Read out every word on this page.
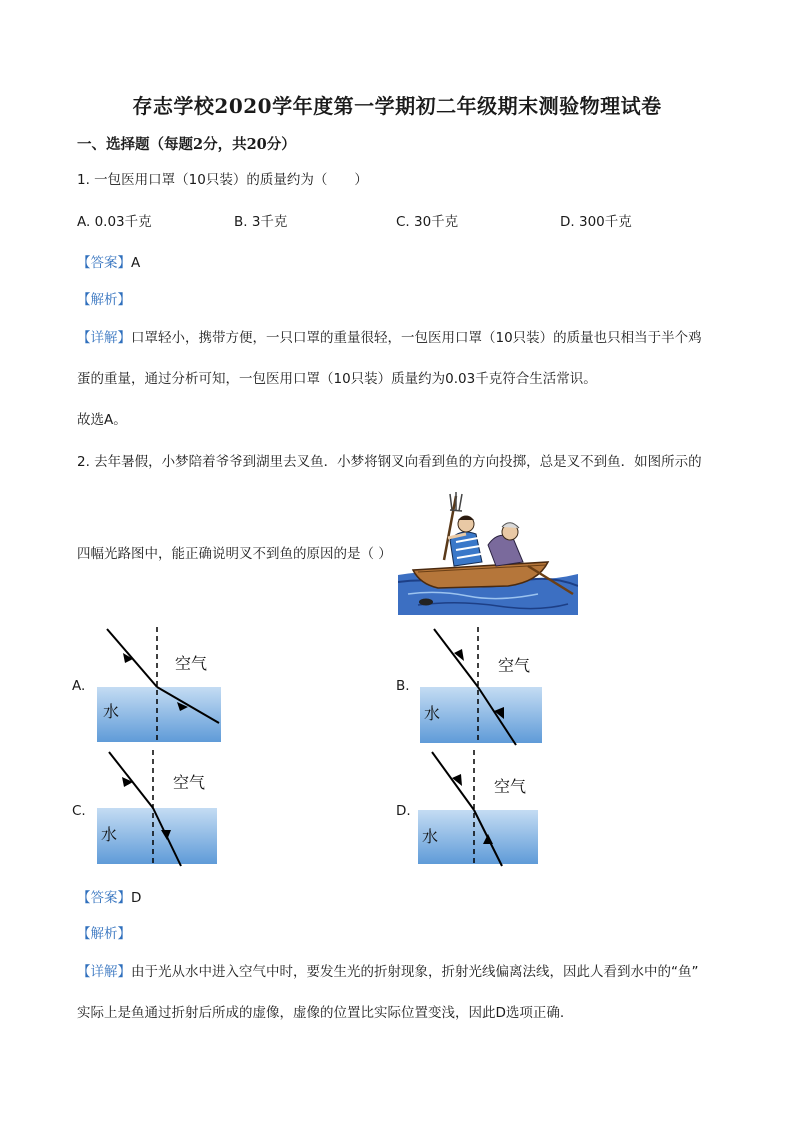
存志学校2020学年度第一学期初二年级期末测验物理试卷
一、选择题（每题2分，共20分）
1. 一包医用口罩（10只装）的质量约为（　　）
A. 0.03千克	B. 3千克	C. 30千克	D. 300千克
【答案】A
【解析】
【详解】口罩轻小，携带方便，一只口罩的重量很轻，一包医用口罩（10只装）的质量也只相当于半个鸡
蛋的重量，通过分析可知，一包医用口罩（10只装）质量约为0.03千克符合生活常识。
故选A。
2. 去年暑假，小梦陪着爷爷到湖里去叉鱼．小梦将钢叉向看到鱼的方向投掷，总是叉不到鱼．如图所示的
四幅光路图中，能正确说明叉不到鱼的原因的是（ ）
A.	B.
C.	D.
空气
水
空气
水
空气
水
空气
水
【答案】D
【解析】
【详解】由于光从水中进入空气中时，要发生光的折射现象，折射光线偏离法线，因此人看到水中的“鱼”
实际上是鱼通过折射后所成的虚像，虚像的位置比实际位置变浅，因此D选项正确.
